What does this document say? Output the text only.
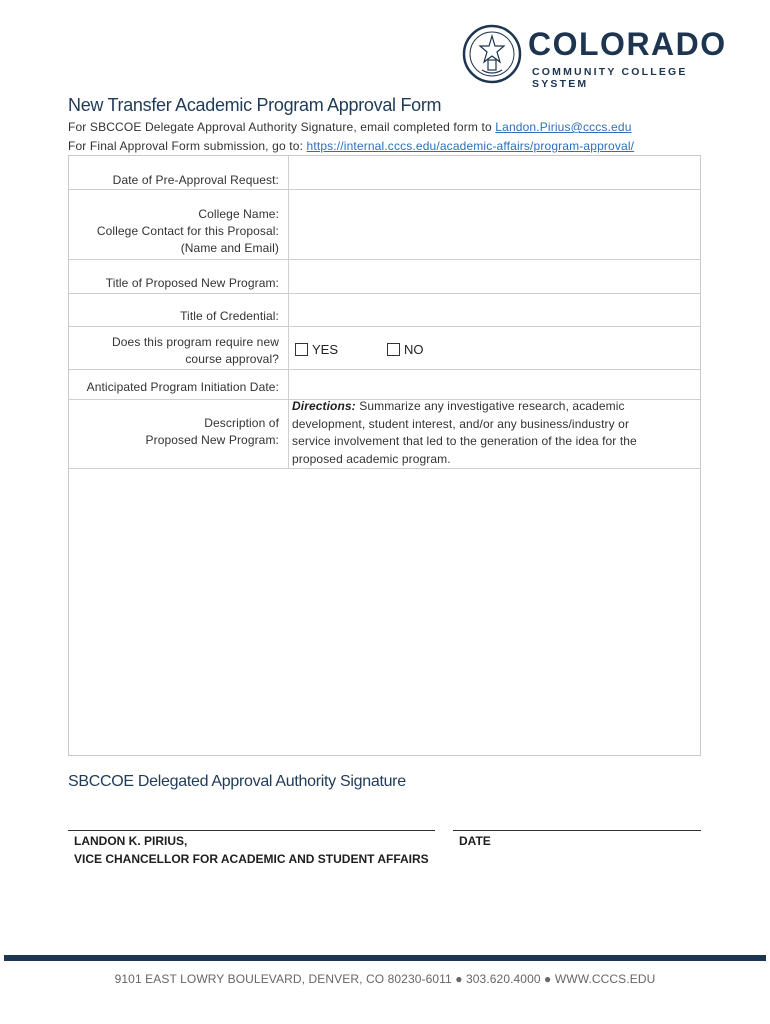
COLORADO
COMMUNITY COLLEGE SYSTEM
New Transfer Academic Program Approval Form
For SBCCOE Delegate Approval Authority Signature, email completed form to Landon.Pirius@cccs.edu
For Final Approval Form submission, go to: https://internal.cccs.edu/academic-affairs/program-approval/
Date of Pre-Approval Request:
College Name:
College Contact for this Proposal:
(Name and Email)
Title of Proposed New Program:
Title of Credential:
Does this program require new
course approval?
YES	NO
Anticipated Program Initiation Date:
Description of
Proposed New Program:
Directions: Summarize any investigative research, academic development, student interest, and/or any business/industry or service involvement that led to the generation of the idea for the proposed academic program.
SBCCOE Delegated Approval Authority Signature
LANDON K. PIRIUS,
VICE CHANCELLOR FOR ACADEMIC AND STUDENT AFFAIRS
DATE
9101 EAST LOWRY BOULEVARD, DENVER, CO 80230-6011 ● 303.620.4000 ● WWW.CCCS.EDU
